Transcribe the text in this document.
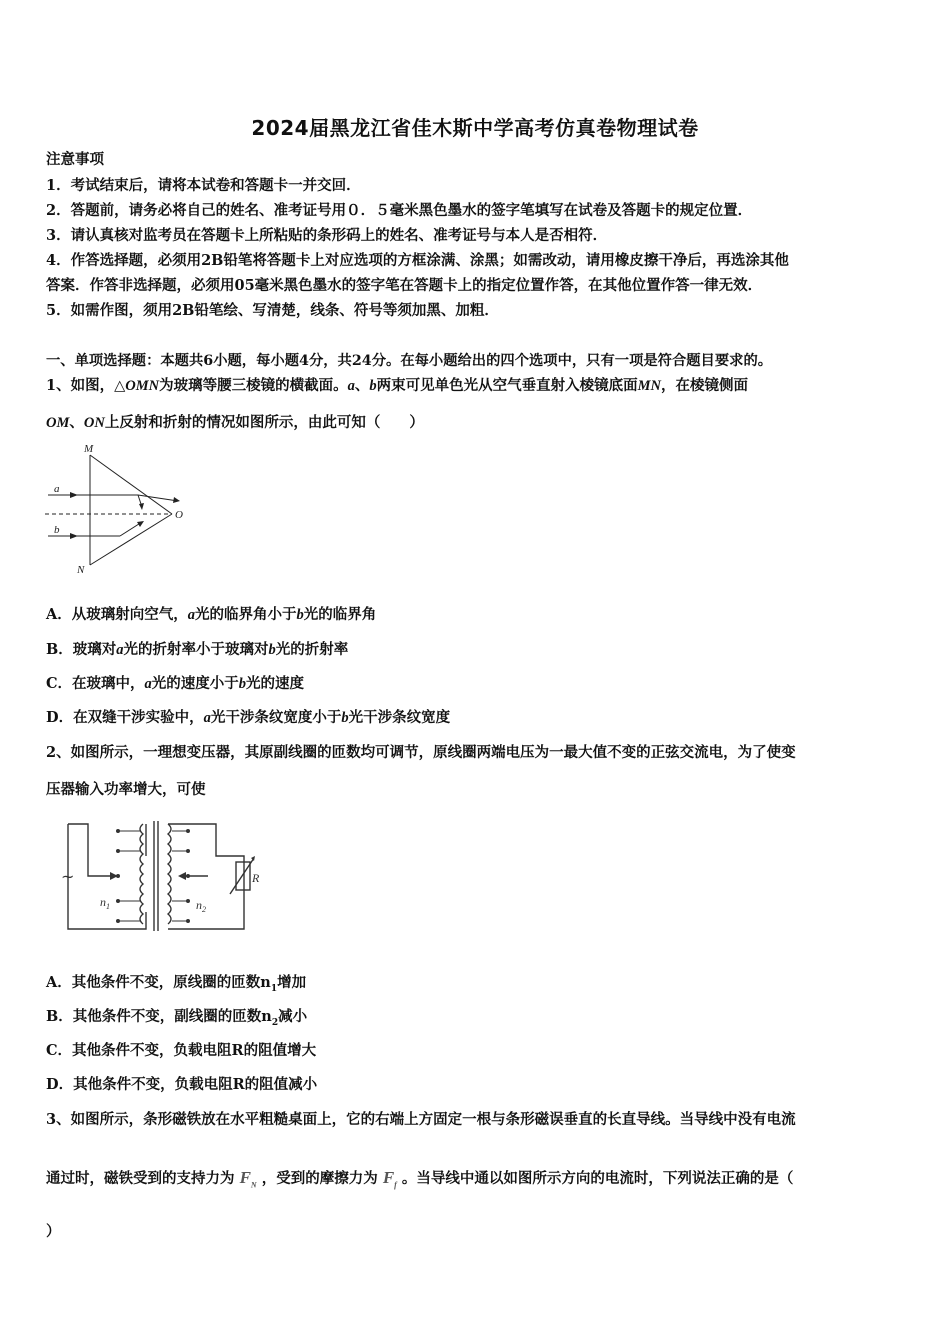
2024届黑龙江省佳木斯中学高考仿真卷物理试卷
注意事项
1．考试结束后，请将本试卷和答题卡一并交回．
2．答题前，请务必将自己的姓名、准考证号用０．５毫米黑色墨水的签字笔填写在试卷及答题卡的规定位置．
3．请认真核对监考员在答题卡上所粘贴的条形码上的姓名、准考证号与本人是否相符．
4．作答选择题，必须用2B铅笔将答题卡上对应选项的方框涂满、涂黑；如需改动，请用橡皮擦干净后，再选涂其他
答案．作答非选择题，必须用05毫米黑色墨水的签字笔在答题卡上的指定位置作答，在其他位置作答一律无效．
5．如需作图，须用2B铅笔绘、写清楚，线条、符号等须加黑、加粗．
一、单项选择题：本题共6小题，每小题4分，共24分。在每小题给出的四个选项中，只有一项是符合题目要求的。
1、如图，△OMN为玻璃等腰三棱镜的横截面。a、b两束可见单色光从空气垂直射入棱镜底面MN，在棱镜侧面
OM、ON上反射和折射的情况如图所示，由此可知（　　）
M
N
O
a
b
A．从玻璃射向空气，a光的临界角小于b光的临界角
B．玻璃对a光的折射率小于玻璃对b光的折射率
C．在玻璃中，a光的速度小于b光的速度
D．在双缝干涉实验中，a光干涉条纹宽度小于b光干涉条纹宽度
2、如图所示，一理想变压器，其原副线圈的匝数均可调节，原线圈两端电压为一最大值不变的正弦交流电，为了使变
压器输入功率增大，可使
~
$n_1$	$n_2$
R
A．其他条件不变，原线圈的匝数$n_1$增加
B．其他条件不变，副线圈的匝数$n_2$减小
C．其他条件不变，负载电阻R的阻值增大
D．其他条件不变，负载电阻R的阻值减小
3、如图所示，条形磁铁放在水平粗糙桌面上，它的右端上方固定一根与条形磁误垂直的长直导线。当导线中没有电流
通过时，磁铁受到的支持力为 $F_N$ ，受到的摩擦力为 $F_f$ 。当导线中通以如图所示方向的电流时，下列说法正确的是（
）
